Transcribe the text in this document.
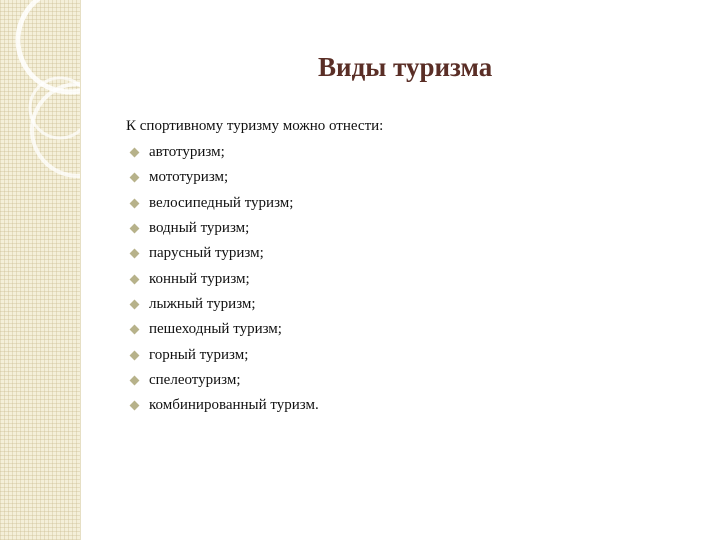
Виды туризма
К спортивному туризму можно отнести:
автотуризм;
мототуризм;
велосипедный туризм;
водный туризм;
парусный туризм;
конный туризм;
лыжный туризм;
пешеходный туризм;
горный туризм;
спелеотуризм;
комбинированный туризм.
